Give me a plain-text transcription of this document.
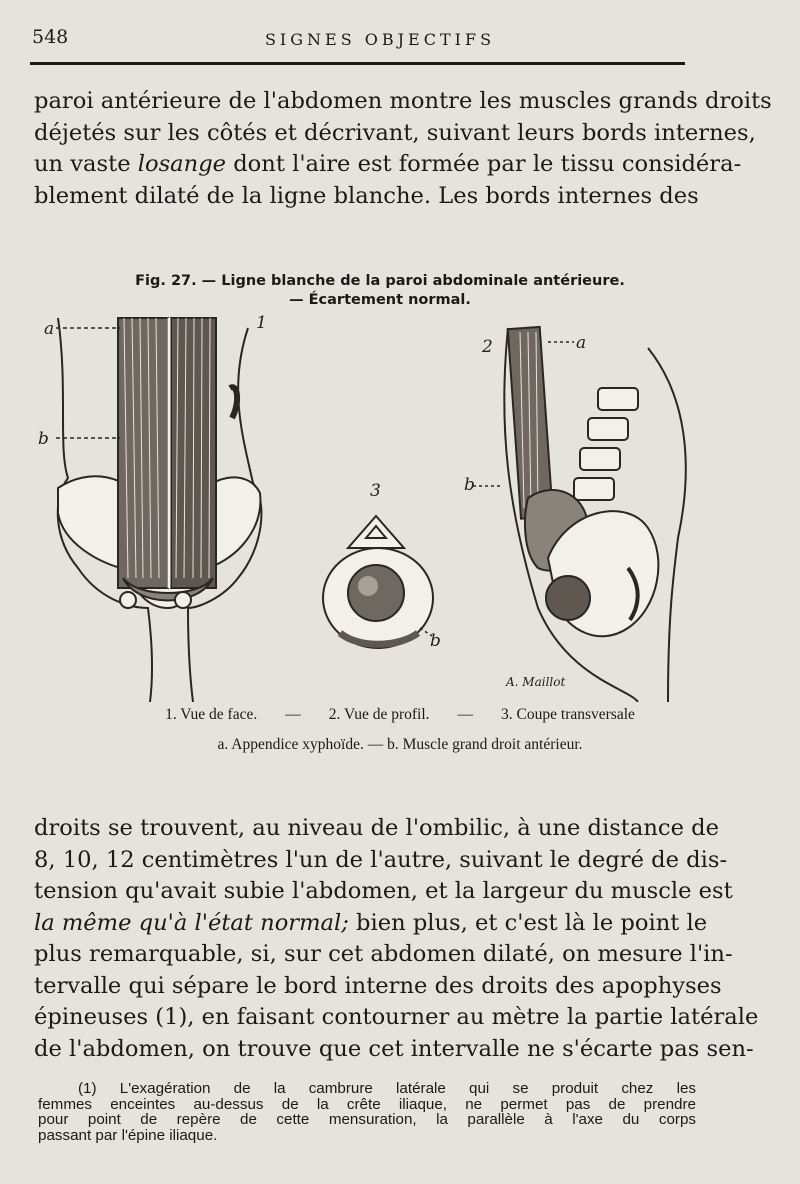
548	SIGNES OBJECTIFS
paroi antérieure de l'abdomen montre les muscles grands droits
déjetés sur les côtés et décrivant, suivant leurs bords internes,
un vaste losange dont l'aire est formée par le tissu considéra-
blement dilaté de la ligne blanche. Les bords internes des
Fig. 27. — Ligne blanche de la paroi abdominale antérieure.
— Écartement normal.
a
b
1
2	a
b
3
b
A. Maillot
1. Vue de face. — 2. Vue de profil. — 3. Coupe transversale
a. Appendice xyphoïde. — b. Muscle grand droit antérieur.
droits se trouvent, au niveau de l'ombilic, à une distance de
8, 10, 12 centimètres l'un de l'autre, suivant le degré de dis-
tension qu'avait subie l'abdomen, et la largeur du muscle est
la même qu'à l'état normal; bien plus, et c'est là le point le
plus remarquable, si, sur cet abdomen dilaté, on mesure l'in-
tervalle qui sépare le bord interne des droits des apophyses
épineuses (1), en faisant contourner au mètre la partie latérale
de l'abdomen, on trouve que cet intervalle ne s'écarte pas sen-
(1) L'exagération de la cambrure latérale qui se produit chez les
femmes enceintes au-dessus de la crête iliaque, ne permet pas de prendre
pour point de repère de cette mensuration, la parallèle à l'axe du corps
passant par l'épine iliaque.
